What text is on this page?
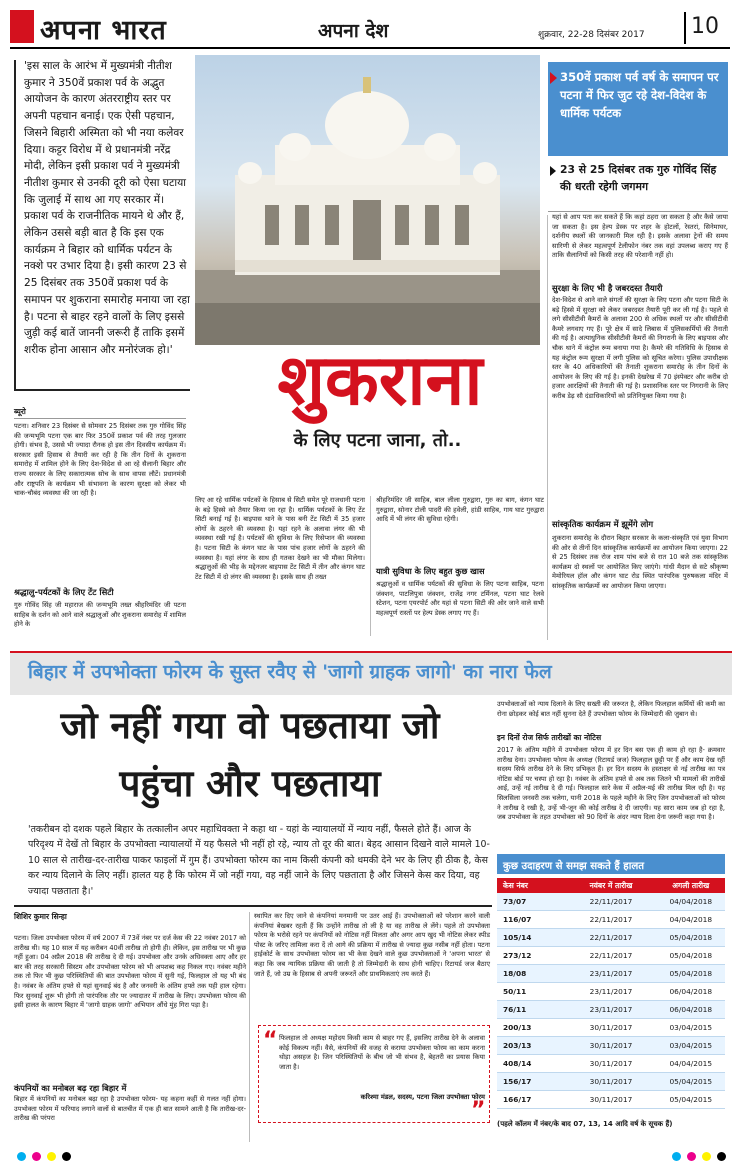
अपना भारत	अपना देश	शुक्रवार, 22-28 दिसंबर 2017 10
'इस साल के आरंभ में मुख्यमंत्री नीतीश कुमार ने 350वें प्रकाश पर्व के अद्भुत आयोजन के कारण अंतरराष्ट्रीय स्तर पर अपनी पहचान बनाई। एक ऐसी पहचान, जिसने बिहारी अस्मिता को भी नया कलेवर दिया। कट्टर विरोध में थे प्रधानमंत्री नरेंद्र मोदी, लेकिन इसी प्रकाश पर्व ने मुख्यमंत्री नीतीश कुमार से उनकी दूरी को ऐसा घटाया कि जुलाई में साथ आ गए सरकार में। प्रकाश पर्व के राजनीतिक मायने थे और हैं, लेकिन उससे बड़ी बात है कि इस एक कार्यक्रम ने बिहार को धार्मिक पर्यटन के नक्शे पर उभार दिया है। इसी कारण 23 से 25 दिसंबर तक 350वें प्रकाश पर्व के समापन पर शुकराना समारोह मनाया जा रहा है। पटना से बाहर रहने वालों के लिए इससे जुड़ी कई बातें जाननी जरूरी हैं ताकि इसमें शरीक होना आसान और मनोरंजक हो।'
350वें प्रकाश पर्व वर्ष के समापन पर पटना में फिर जुट रहे देश-विदेश के धार्मिक पर्यटक
23 से 25 दिसंबर तक गुरु गोविंद सिंह की धरती रहेगी जगमग
यहां से आप पता कर सकते हैं कि कहां ठहरा जा सकता है और कैसे जाया जा सकता है। इस हेल्प डेस्क पर शहर के होटलों, रेस्तरां, सिनेमाघर, दर्शनीय स्थलों की जानकारी मिल रही है। इसके अलावा ट्रेनों की समय सारिणी से लेकर महत्वपूर्ण टेलीफोन नंबर तक वहां उपलब्ध कराए गए हैं ताकि सैलानियों को किसी तरह की परेशानी नहीं हो।
सुरक्षा के लिए भी है जबरदस्त तैयारी
देश-विदेश से आने वाले संगतों की सुरक्षा के लिए पटना और पटना सिटी के बड़े हिस्से में सुरक्षा को लेकर जबरदस्त तैयारी पूरी कर ली गई है। पहले से लगे सीसीटीवी कैमरों के अलावा 200 से अधिक स्थलों पर और सीसीटीवी कैमरे लगवाए गए हैं। पूरे क्षेत्र में सादे लिबास में पुलिसकर्मियों की तैनाती की गई है। अत्याधुनिक सीसीटीवी कैमरों की निगरानी के लिए बाइपास और चौक थाने में कंट्रोल रूम बनाया गया है। कैमरे की गतिविधि के हिसाब से यह कंट्रोल रूम सुरक्षा में लगी पुलिस को सूचित करेगा। पुलिस उपाधीक्षक स्तर के 40 अधिकारियों की तैनाती शुकराना समारोह के तीन दिनों के आयोजन के लिए की गई है। इनकी देखरेख में 70 इंस्पेक्टर और करीब दो हजार आरक्षियों की तैनाती की गई है। प्रशासनिक स्तर पर निगरानी के लिए करीब डेढ़ सौ दंडाधिकारियों को प्रतिनियुक्त किया गया है।
सांस्कृतिक कार्यक्रम में झूमेंगे लोग
शुकराना समारोह के दौरान बिहार सरकार के कला-संस्कृति एवं युवा विभाग की ओर से तीनों दिन सांस्कृतिक कार्यक्रमों का आयोजन किया जाएगा। 22 से 25 दिसंबर तक रोज शाम पांच बजे से रात 10 बजे तक सांस्कृतिक कार्यक्रम दो स्थलों पर आयोजित किए जाएंगे। गांधी मैदान से सटे श्रीकृष्ण मेमोरियल हॉल और कंगन घाट रोड स्थित पारंपरिक पुरुषकला मंदिर में सांस्कृतिक कार्यक्रमों का आयोजन किया जाएगा।
शुकराना
के लिए पटना जाना, तो..
ब्यूरो
पटना। शनिवार 23 दिसंबर से सोमवार 25 दिसंबर तक गुरु गोविंद सिंह की जन्मभूमि पटना एक बार फिर 350वें प्रकाश पर्व की तरह गुलजार होगी। संभव है, उससे भी ज्यादा रौनक हो इस तीन दिवसीय कार्यक्रम में। सरकार इसी हिसाब से तैयारी कर रही है कि तीन दिनों के शुकराना समारोह में शामिल होने के लिए देश-विदेश से आ रहे सैलानी बिहार और राज्य सरकार के लिए सकारात्मक सोच के साथ वापस लौटें। प्रधानमंत्री और राष्ट्रपति के कार्यक्रम भी संभावना के कारण सुरक्षा को लेकर भी चाक-चौबंद व्यवस्था की जा रही है।
श्रद्धालु-पर्यटकों के लिए टेंट सिटी
गुरु गोविंद सिंह जी महाराज की जन्मभूमि तख्त श्रीहरिमंदिर जी पटना साहिब के दर्शन को आने वाले श्रद्धालुओं और शुकराना समारोह में शामिल होने के
लिए आ रहे धार्मिक पर्यटकों के हिसाब से सिटी समेत पूरे राजधानी पटना के बड़े हिस्से को तैयार किया जा रहा है। धार्मिक पर्यटकों के लिए टेंट सिटी बनाई गई है। बाइपास थाने के पास बनी टेंट सिटी में 35 हजार लोगों के ठहरने की व्यवस्था है। यहां रहने के अलावा लंगर की भी व्यवस्था रखी गई है। पर्यटकों की सुविधा के लिए रिसेप्शन की व्यवस्था है। पटना सिटी के कंगन घाट के पास पांच हजार लोगों के ठहरने की व्यवस्था है। यहां लंगर के साथ ही गतका देखने का भी मौका मिलेगा। श्रद्धालुओं की भीड़ के मद्देनजर बाइपास टेंट सिटी में तीन और कंगन घाट टेंट सिटी में दो लंगर की व्यवस्था है। इसके साथ ही तख्त
श्रीहरिमंदिर जी साहिब, बाल लीला गुरुद्वारा, गुरु का बाग, कंगन घाट गुरुद्वारा, सोनार टोली पादरी की हवेली, हांडी साहिब, गाय घाट गुरुद्वारा आदि में भी लंगर की सुविधा रहेगी।
यात्री सुविधा के लिए बहुत कुछ खास
श्रद्धालुओं व धार्मिक पर्यटकों की सुविधा के लिए पटना साहिब, पटना जंक्शन, पाटलिपुत्रा जंक्शन, राजेंद्र नगर टर्मिनल, पटना घाट रेलवे स्टेशन, पटना एयरपोर्ट और यहां से पटना सिटी की ओर जाने वाले सभी महत्वपूर्ण रास्तों पर हेल्प डेस्क लगाए गए हैं।
बिहार में उपभोक्ता फोरम के सुस्त रवैए से 'जागो ग्राहक जागो' का नारा फेल
जो नहीं गया वो पछताया जो
पहुंचा और पछताया
'तकरीबन दो दशक पहले बिहार के तत्कालीन अपर महाधिवक्ता ने कहा था - यहां के न्यायालयों में न्याय नहीं, फैसले होते हैं। आज के परिदृश्य में देखें तो बिहार के उपभोक्ता न्यायालयों में यह फैसले भी नहीं हो रहे, न्याय तो दूर की बात। बेहद आसान दिखने वाले मामले 10-10 साल से तारीख-दर-तारीख पाकर फाइलों में गुम हैं। उपभोक्ता फोरम का नाम किसी कंपनी को धमकी देने भर के लिए ही ठीक है, केस कर न्याय दिलाने के लिए नहीं। हालत यह है कि फोरम में जो नहीं गया, वह नहीं जाने के लिए पछताता है और जिसने केस कर दिया, वह ज्यादा पछताता है।'
शिशिर कुमार सिन्हा
पटना। जिला उपभोक्ता फोरम में वर्ष 2007 में 73वें नंबर पर दर्ज केस की 22 नवंबर 2017 को तारीख थी। यह 10 साल में यह करीबन 40वीं तारीख तो होगी ही। लेकिन, इस तारीख पर भी कुछ नहीं हुआ। 04 अप्रैल 2018 की तारीख दे दी गई। उपभोक्ता और उनके अधिवक्ता आए और हर बार की तरह सरकारी सिस्टम और उपभोक्ता फोरम को भी अपशब्द कह निकल गए। नवंबर महीने तक तो फिर भी कुछ परिस्थितियों की बात उपभोक्ता फोरम में सुनी गई, फिलहाल तो यह भी बंद है। नवंबर के अंतिम हफ्ते से यहां सुनवाई बंद है और जनवरी के अंतिम हफ्ते तक यही हाल रहेगा। फिर सुनवाई शुरू भी होगी तो पारंपरिक तौर पर ज्यादातर में तारीख के लिए। उपभोक्ता फोरम की इसी हालत के कारण बिहार में 'जागो ग्राहक जागो' अभियान औंधे मुंह गिरा पड़ा है।
कंपनियों का मनोबल बढ़ रहा बिहार में
बिहार में कंपनियों का मनोबल बढ़ा रहा है उपभोक्ता फोरम- यह कहना कहीं से गलत नहीं होगा। उपभोक्ता फोरम में फरियाद लगाने वालों से बातचीत में एक ही बात सामने आती है कि तारीख-दर-तारीख की परंपरा
स्थापित कर दिए जाने से कंपनियां मनमानी पर उतर आई हैं। उपभोक्ताओं को परेशान करने वाली कंपनियां बेखबर रहती हैं कि उन्होंने तारीख तो ली है या वह तारीख ले लेंगे। पहले तो उपभोक्ता फोरम के भरोसे रहने पर कंपनियों को नोटिस नहीं मिलता और अगर आप खुद भी नोटिस लेकर स्पीड पोस्ट के जरिए तामिला करा दें तो आगे की प्रक्रिया में तारीख से ज्यादा कुछ नसीब नहीं होता। पटना हाईकोर्ट के साथ उपभोक्ता फोरम का भी केस देखने वाले कुछ उपभोक्ताओं ने 'अपना भारत' से कहा कि जब न्यायिक प्रक्रिया की जाती है तो जिम्मेदारी के साथ होनी चाहिए। रिटायर्ड जज बैठाए जाते हैं, जो उम्र के हिसाब से अपनी जरूरतें और प्राथमिकताएं तय करते हैं।
“ फिलहाल तो अध्यक्ष महोदय किसी काम से बाहर गए हैं, इसलिए तारीख देने के अलावा कोई विकल्प नहीं। वैसे, कंपनियों की वजह से कराया उपभोक्ता फोरम का काम करना थोड़ा असहज है। जिन परिस्थितियों के बीच जो भी संभव है, बेहतरी का प्रयास किया जाता है।
करिश्मा मंडल, सदस्य, पटना जिला उपभोक्ता फोरम
”
उपभोक्ताओं को न्याय दिलाने के लिए सख्ती की जरूरत है, लेकिन फिलहाल कर्मियों की कमी का रोना छोड़कर कोई बात नहीं सुनना देते हैं उपभोक्ता फोरम के जिम्मेदारी की जुबान से।
इन दिनों रोज सिर्फ तारीखों का नोटिस
2017 के अंतिम महीने में उपभोक्ता फोरम में हर दिन बस एक ही काम हो रहा है- क्रमवार तारीख देना। उपभोक्ता फोरम के अध्यक्ष (रिटायर्ड जज) फिलहाल छुट्टी पर हैं और काम देख रहीं सदस्य सिर्फ तारीख देने के लिए प्रभिकृत हैं। हर दिन सदस्य के हस्ताक्षर से नई तारीख का पत्र नोटिस बोर्ड पर चस्पा हो रहा है। नवंबर के अंतिम हफ्ते से अब तक जितने भी मामलों की तारीखें आईं, उन्हें नई तारीख दे दी गई। फिलहाल सारे केस में अप्रैल-मई की तारीख मिल रही है। यह सिलसिला जनवरी तक चलेगा, यानी 2018 के पहले महीने के लिए जिन उपभोक्ताओं को फोरम ने तारीख दे रखी है, उन्हें भी-जून की कोई तारीख दे दी जाएगी। यह सारा काम जब हो रहा है, जब उपभोक्ता के तहत उपभोक्ता को 90 दिनों के अंदर न्याय दिला देना जरूरी कहा गया है।
कुछ उदाहरण से समझ सकते हैं हालत
केस नंबर	नवंबर में तारीख	अगली तारीख
73/07	22/11/2017	04/04/2018
116/07	22/11/2017	04/04/2018
105/14	22/11/2017	05/04/2018
273/12	22/11/2017	05/04/2018
18/08	23/11/2017	05/04/2018
50/11	23/11/2017	06/04/2018
76/11	23/11/2017	06/04/2018
200/13	30/11/2017	03/04/2015
203/13	30/11/2017	03/04/2015
408/14	30/11/2017	04/04/2015
156/17	30/11/2017	05/04/2015
166/17	30/11/2017	05/04/2015
(पहले कॉलम में नंबर/के बाद 07, 13, 14 आदि वर्ष के सूचक हैं)
